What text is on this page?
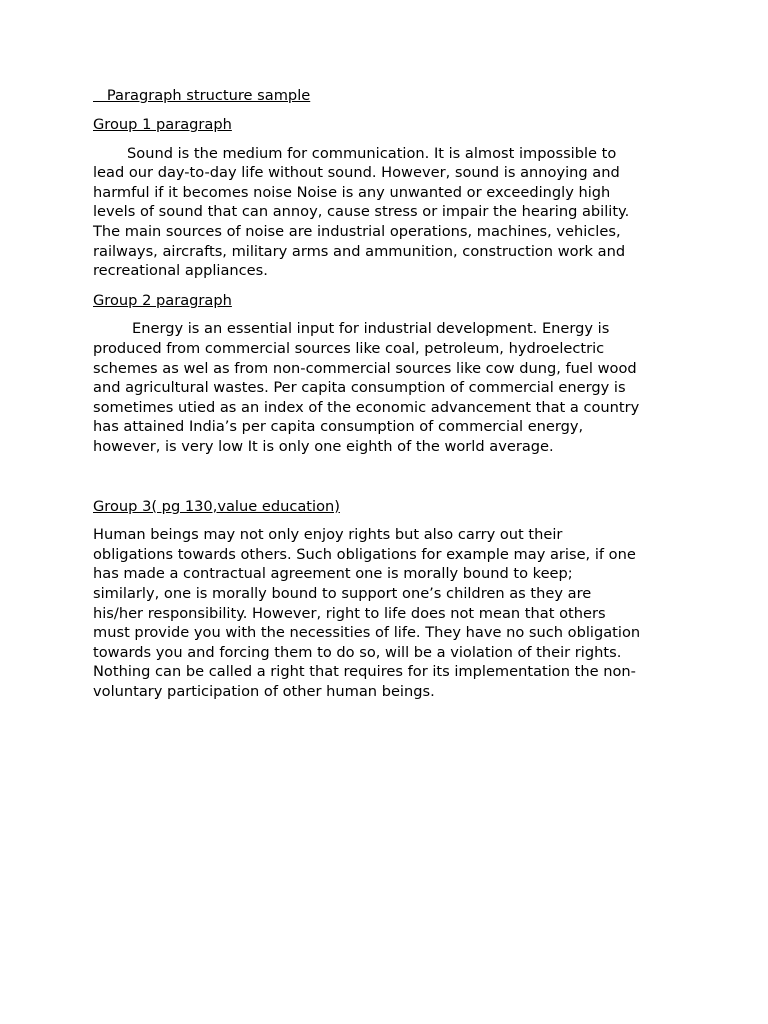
Paragraph structure sample

Group 1 paragraph

Sound is the medium for communication. It is almost impossible to
lead our day-to-day life without sound. However, sound is annoying and
harmful if it becomes noise Noise is any unwanted or exceedingly high
levels of sound that can annoy, cause stress or impair the hearing ability.
The main sources of noise are industrial operations, machines, vehicles,
railways, aircrafts, military arms and ammunition, construction work and
recreational appliances.

Group 2 paragraph

Energy is an essential input for industrial development. Energy is
produced from commercial sources like coal, petroleum, hydroelectric
schemes as wel as from non-commercial sources like cow dung, fuel wood
and agricultural wastes. Per capita consumption of commercial energy is
sometimes utied as an index of the economic advancement that a country
has attained India’s per capita consumption of commercial energy,
however, is very low It is only one eighth of the world average.

Group 3( pg 130,value education)

Human beings may not only enjoy rights but also carry out their
obligations towards others. Such obligations for example may arise, if one
has made a contractual agreement one is morally bound to keep;
similarly, one is morally bound to support one’s children as they are
his/her responsibility. However, right to life does not mean that others
must provide you with the necessities of life. They have no such obligation
towards you and forcing them to do so, will be a violation of their rights.
Nothing can be called a right that requires for its implementation the non-
voluntary participation of other human beings.
